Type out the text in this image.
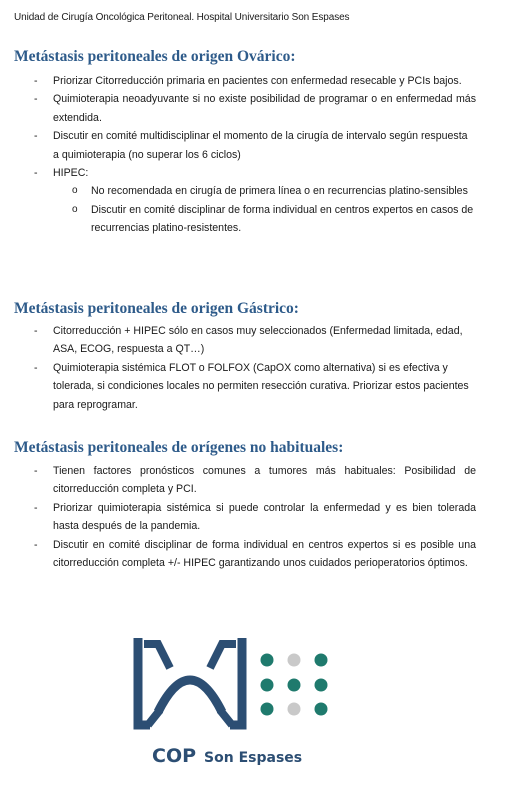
Unidad de Cirugía Oncológica Peritoneal. Hospital Universitario Son Espases
Metástasis peritoneales de origen Ovárico:
- Priorizar Citorreducción primaria en pacientes con enfermedad resecable y PCIs bajos.
- Quimioterapia neoadyuvante si no existe posibilidad de programar o en enfermedad más extendida.
- Discutir en comité multidisciplinar el momento de la cirugía de intervalo según respuesta a quimioterapia (no superar los 6 ciclos)
- HIPEC:
o No recomendada en cirugía de primera línea o en recurrencias platino-sensibles
o Discutir en comité disciplinar de forma individual en centros expertos en casos de recurrencias platino-resistentes.
Metástasis peritoneales de origen Gástrico:
- Citorreducción + HIPEC sólo en casos muy seleccionados (Enfermedad limitada, edad, ASA, ECOG, respuesta a QT…)
- Quimioterapia sistémica FLOT o FOLFOX (CapOX como alternativa) si es efectiva y tolerada, si condiciones locales no permiten resección curativa. Priorizar estos pacientes para reprogramar.
Metástasis peritoneales de orígenes no habituales:
- Tienen factores pronósticos comunes a tumores más habituales: Posibilidad de citorreducción completa y PCI.
- Priorizar quimioterapia sistémica si puede controlar la enfermedad y es bien tolerada hasta después de la pandemia.
- Discutir en comité disciplinar de forma individual en centros expertos si es posible una citorreducción completa +/- HIPEC garantizando unos cuidados perioperatorios óptimos.
COP Son Espases
